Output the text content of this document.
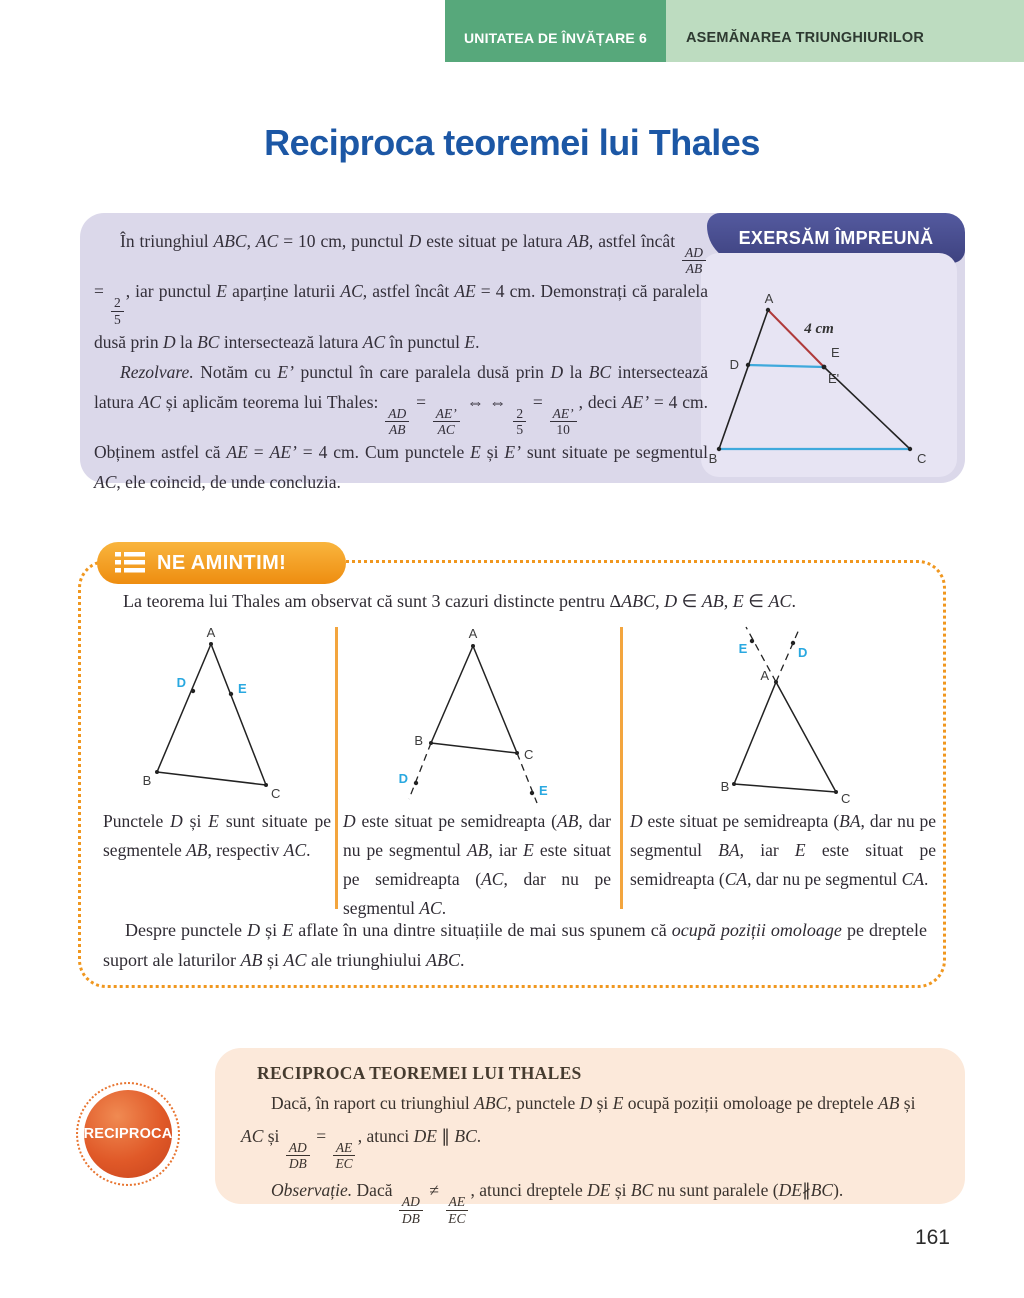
UNITATEA DE ÎNVĂȚARE 6	ASEMĂNAREA TRIUNGHIURILOR
Reciproca teoremei lui Thales
EXERSĂM ÎMPREUNĂ
A
D
E
E'
B	C
4 cm

În triunghiul ABC, AC = 10 cm, punctul D este situat pe latura AB, astfel încât
$\frac{AD}{AB}$
=
$\frac{2}{5}$
, iar punctul E aparține laturii AC, astfel încât AE = 4 cm. Demonstrați că paralela dusă prin D la BC intersectează latura AC în punctul E.

Rezolvare. Notăm cu E’ punctul în care paralela dusă prin D la BC intersectează latura AC și aplicăm teorema lui Thales:
$\frac{AD}{AB}$
=
$\frac{AE’}{AC}$
⇔ ⇔
$\frac{2}{5}$
=
$\frac{AE’}{10}$
, deci AE’ = 4 cm. Obținem astfel că AE = AE’ = 4 cm. Cum punctele E și E’ sunt situate pe segmentul AC, ele coincid, de unde concluzia.

NE AMINTIM!

La teorema lui Thales am observat că sunt 3 cazuri distincte pentru ΔABC, D ∈ AB, E ∈ AC.

A
D	E
B
C
A
B
C
D
E
E	D
A
B
C

Punctele D și E sunt situate pe segmentele AB, respectiv AC.

D este situat pe semidreapta (AB, dar nu pe segmentul AB, iar E este situat pe semidreapta (AC, dar nu pe segmentul AC.

D este situat pe semidreapta (BA, dar nu pe segmentul BA, iar E este situat pe semidreapta (CA, dar nu pe segmentul CA.

Despre punctele D și E aflate în una dintre situațiile de mai sus spunem că ocupă poziții omoloage pe dreptele suport ale laturilor AB și AC ale triunghiului ABC.

RECIPROCA

RECIPROCA TEOREMEI LUI THALES

Dacă, în raport cu triunghiul ABC, punctele D și E ocupă poziții omoloage pe dreptele AB și AC și
$\frac{AD}{DB}$
=
$\frac{AE}{EC}$
, atunci DE ∥ BC.

Observație. Dacă
$\frac{AD}{DB}$
≠
$\frac{AE}{EC}$
, atunci dreptele DE și BC nu sunt paralele (DE∦BC).

161
